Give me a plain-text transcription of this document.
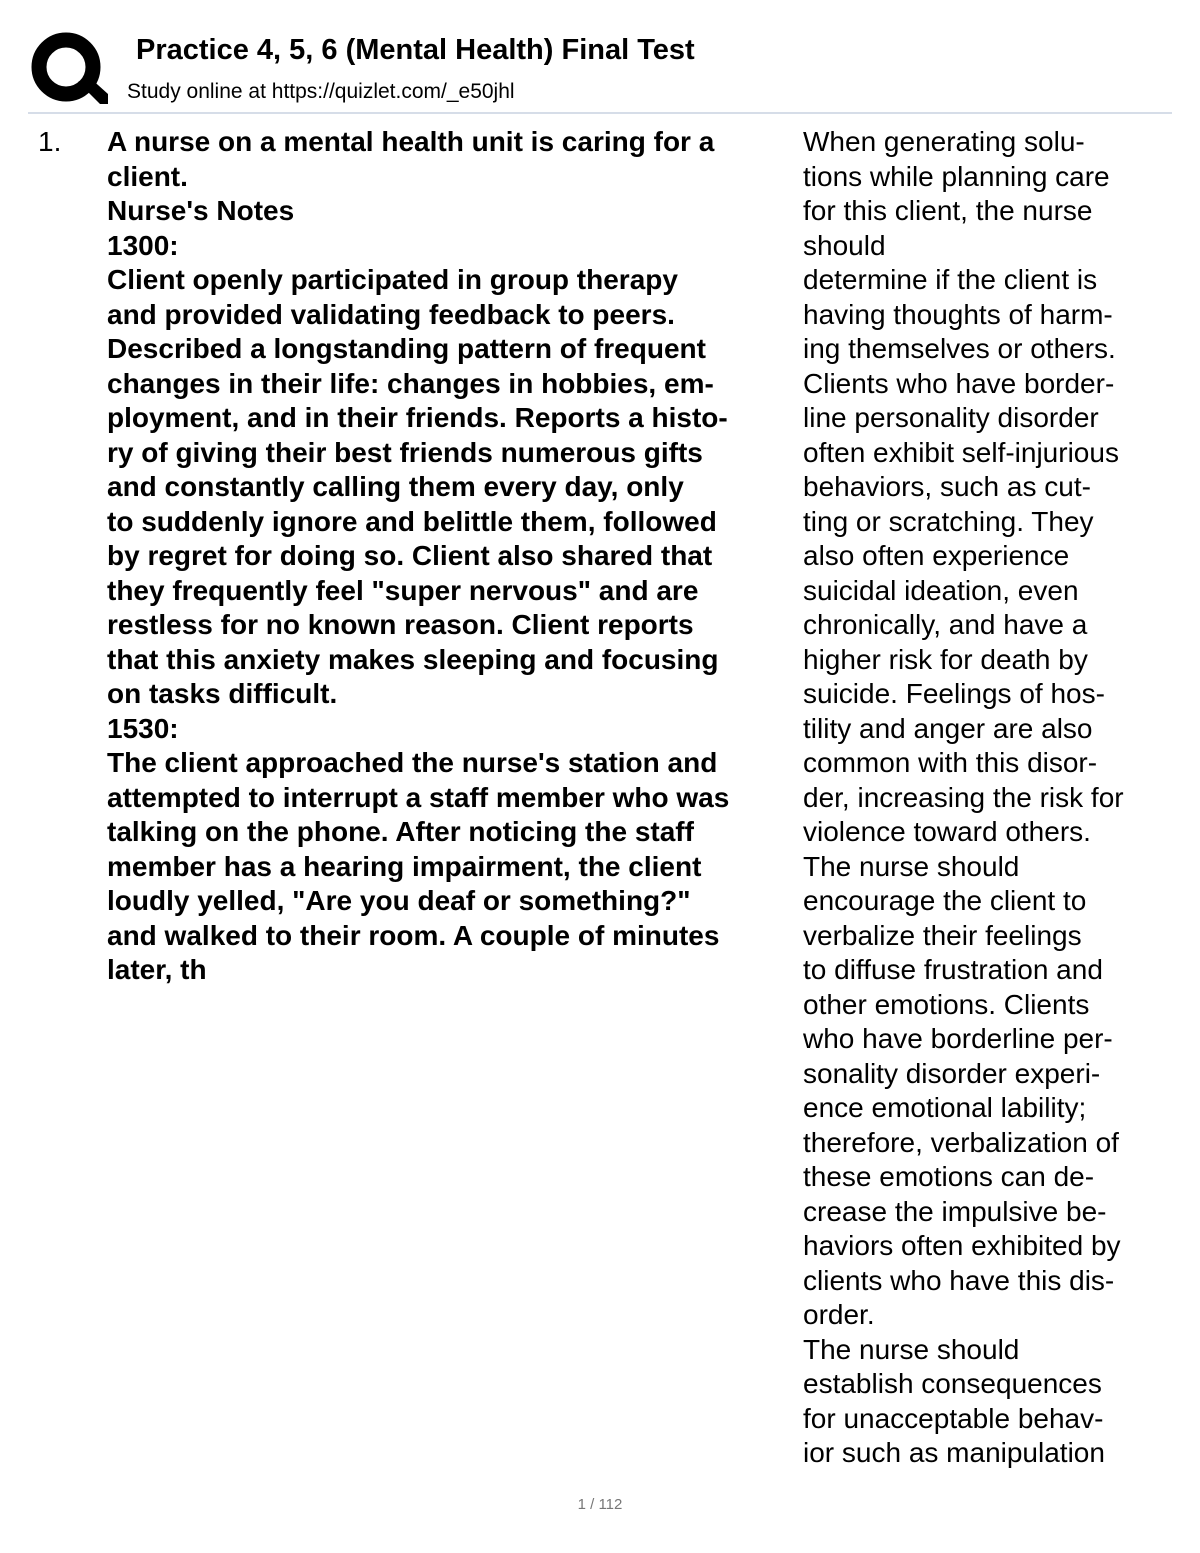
Practice 4, 5, 6 (Mental Health) Final Test
Study online at https://quizlet.com/_e50jhl
1. A nurse on a mental health unit is caring for a
client.
Nurse's Notes
1300:
Client openly participated in group therapy
and provided validating feedback to peers.
Described a longstanding pattern of frequent
changes in their life: changes in hobbies, em-
ployment, and in their friends. Reports a histo-
ry of giving their best friends numerous gifts
and constantly calling them every day, only
to suddenly ignore and belittle them, followed
by regret for doing so. Client also shared that
they frequently feel "super nervous" and are
restless for no known reason. Client reports
that this anxiety makes sleeping and focusing
on tasks difficult.
1530:
The client approached the nurse's station and
attempted to interrupt a staff member who was
talking on the phone. After noticing the staff
member has a hearing impairment, the client
loudly yelled, "Are you deaf or something?"
and walked to their room. A couple of minutes
later, th
When generating solu-
tions while planning care
for this client, the nurse
should
determine if the client is
having thoughts of harm-
ing themselves or others.
Clients who have border-
line personality disorder
often exhibit self-injurious
behaviors, such as cut-
ting or scratching. They
also often experience
suicidal ideation, even
chronically, and have a
higher risk for death by
suicide. Feelings of hos-
tility and anger are also
common with this disor-
der, increasing the risk for
violence toward others.
The nurse should
encourage the client to
verbalize their feelings
to diffuse frustration and
other emotions. Clients
who have borderline per-
sonality disorder experi-
ence emotional lability;
therefore, verbalization of
these emotions can de-
crease the impulsive be-
haviors often exhibited by
clients who have this dis-
order.
The nurse should
establish consequences
for unacceptable behav-
ior such as manipulation
1 / 112
